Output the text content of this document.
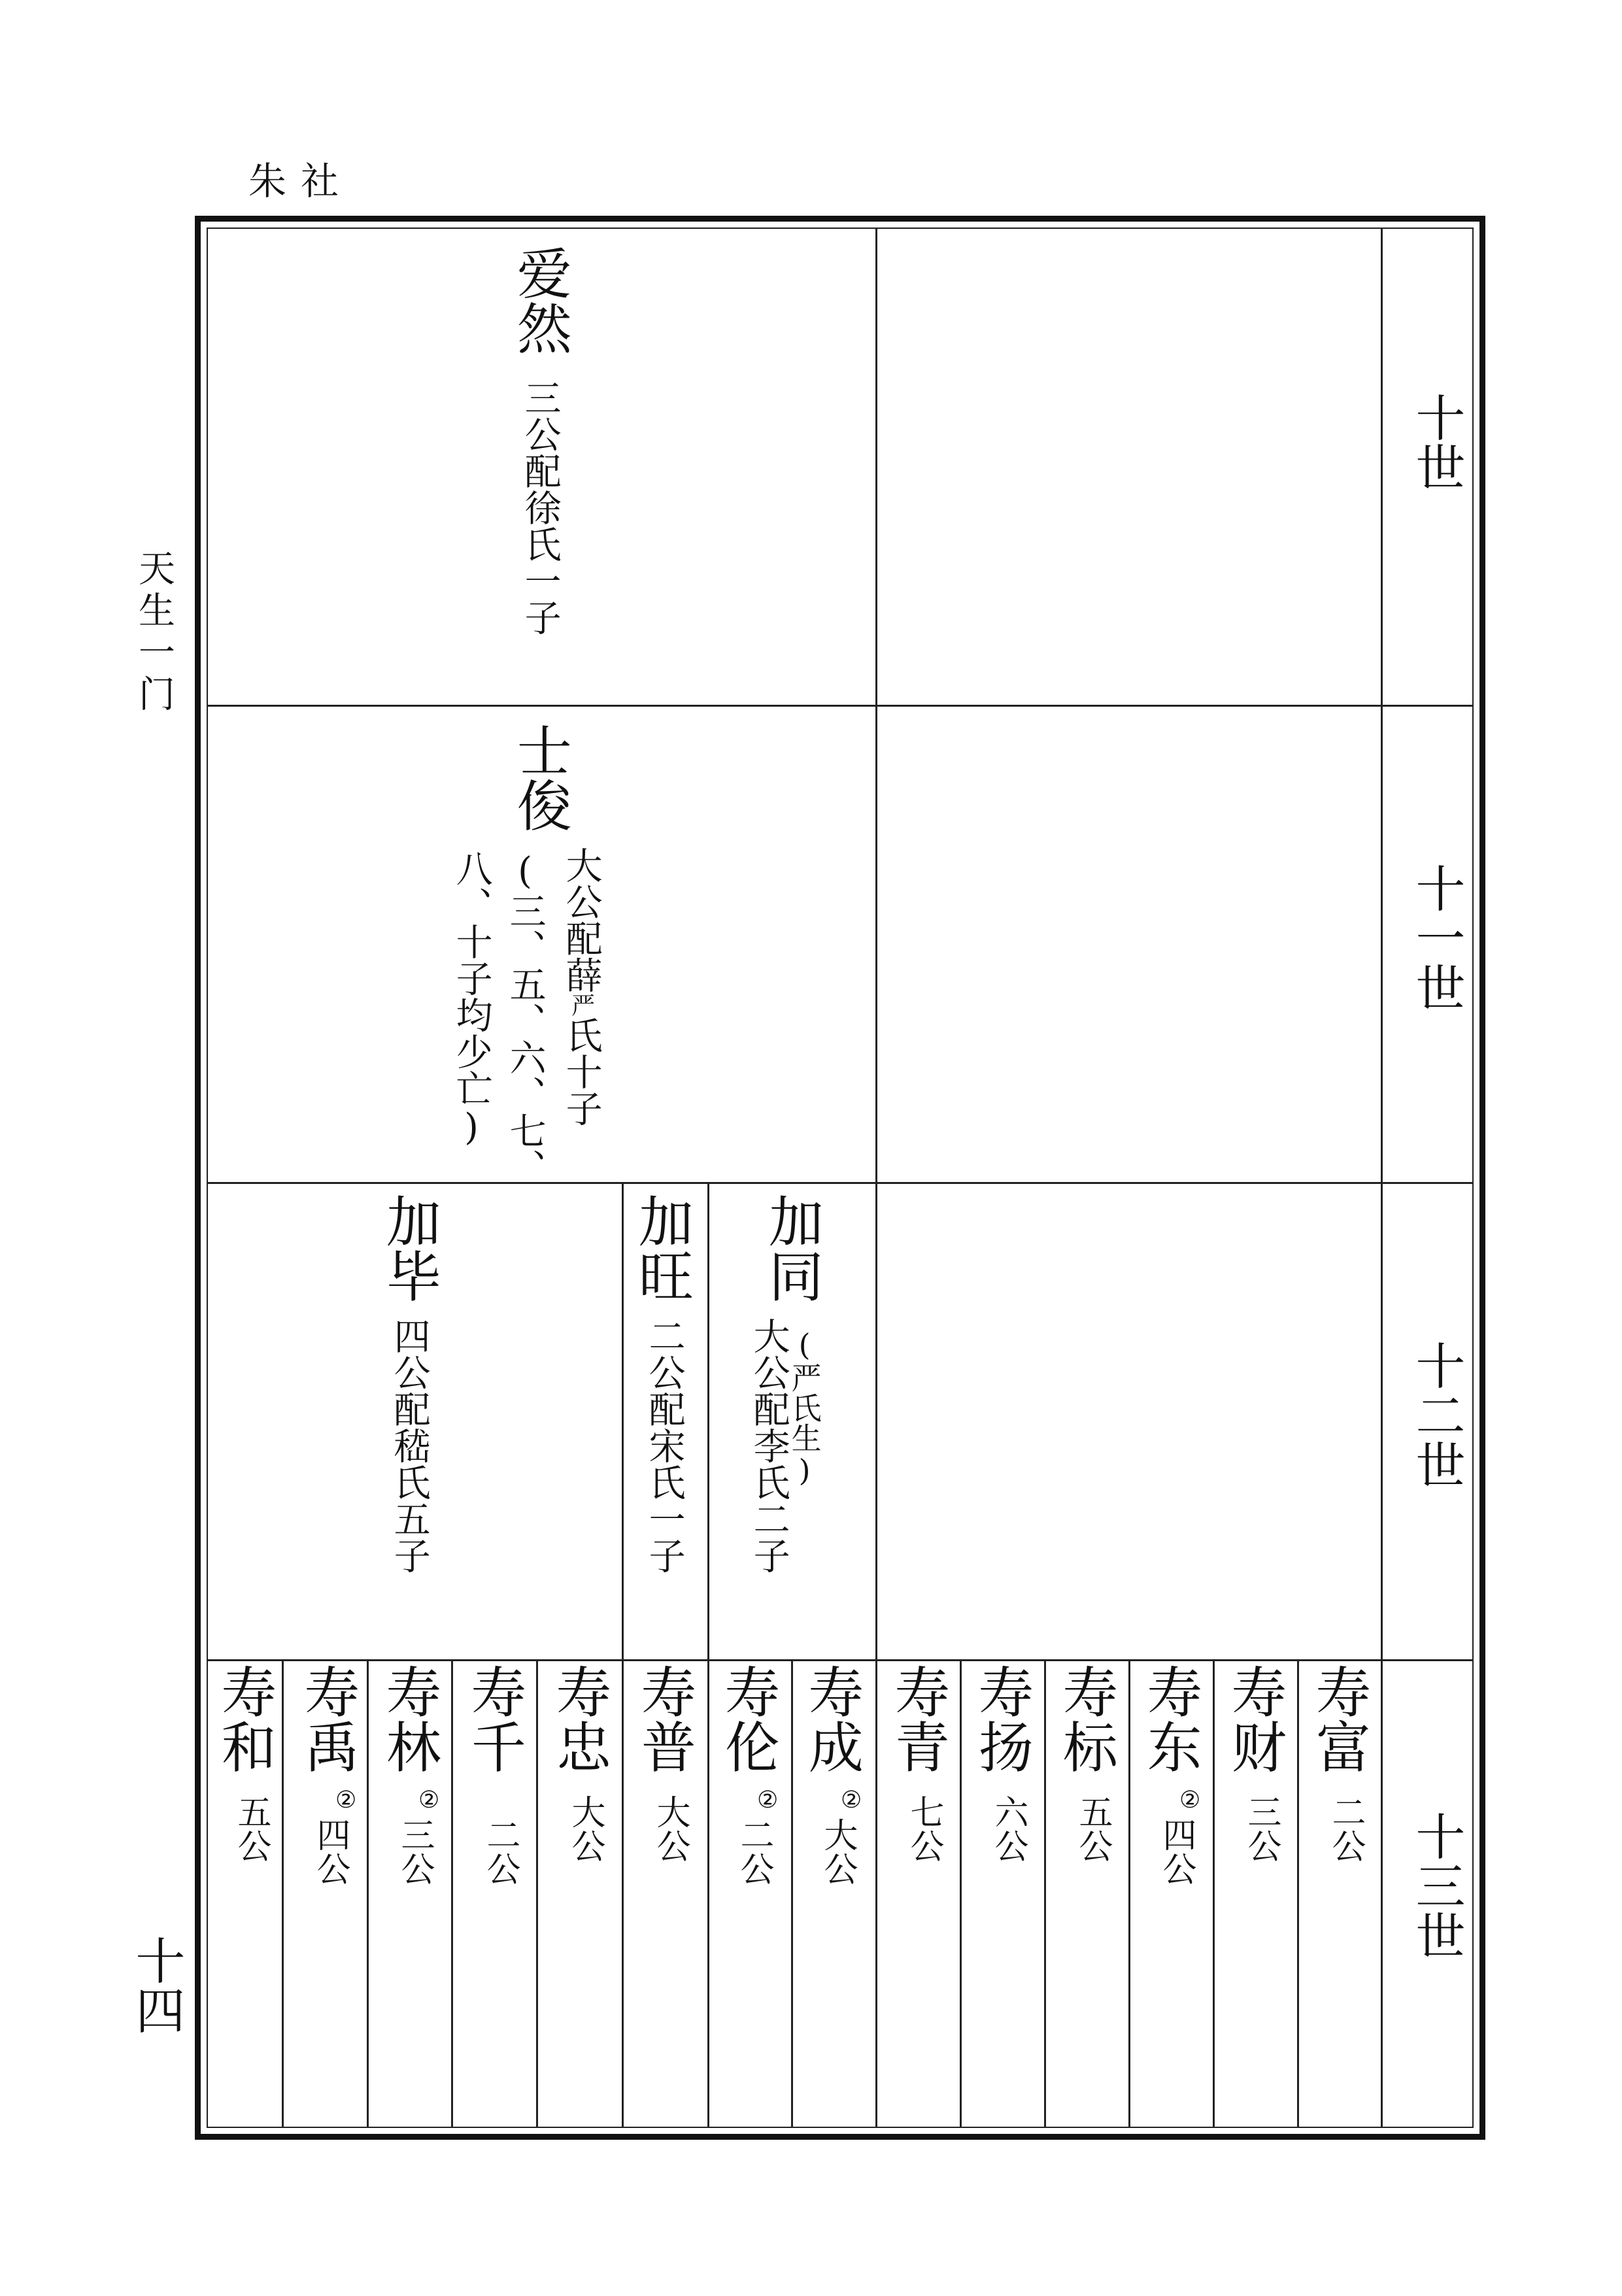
朱社
天生一门
十四
十世
十一世
十二世
十三世
爱然
三公配徐氏一子
士俊
大公配薛严氏十子
(三、五、六、七、
八、十子均少亡)
加毕
四公配嵇氏五子
加旺
二公配宋氏一子
加同
(严氏生)
大公配李氏二子
寿和
五公
寿禹
②
四公
寿林
②
三公
寿千
二公
寿忠
大公
寿普
大公
寿伦
②
二公
寿成
②
大公
寿青
七公
寿扬
六公
寿标
五公
寿东
②
四公
寿财
三公
寿富
二公
